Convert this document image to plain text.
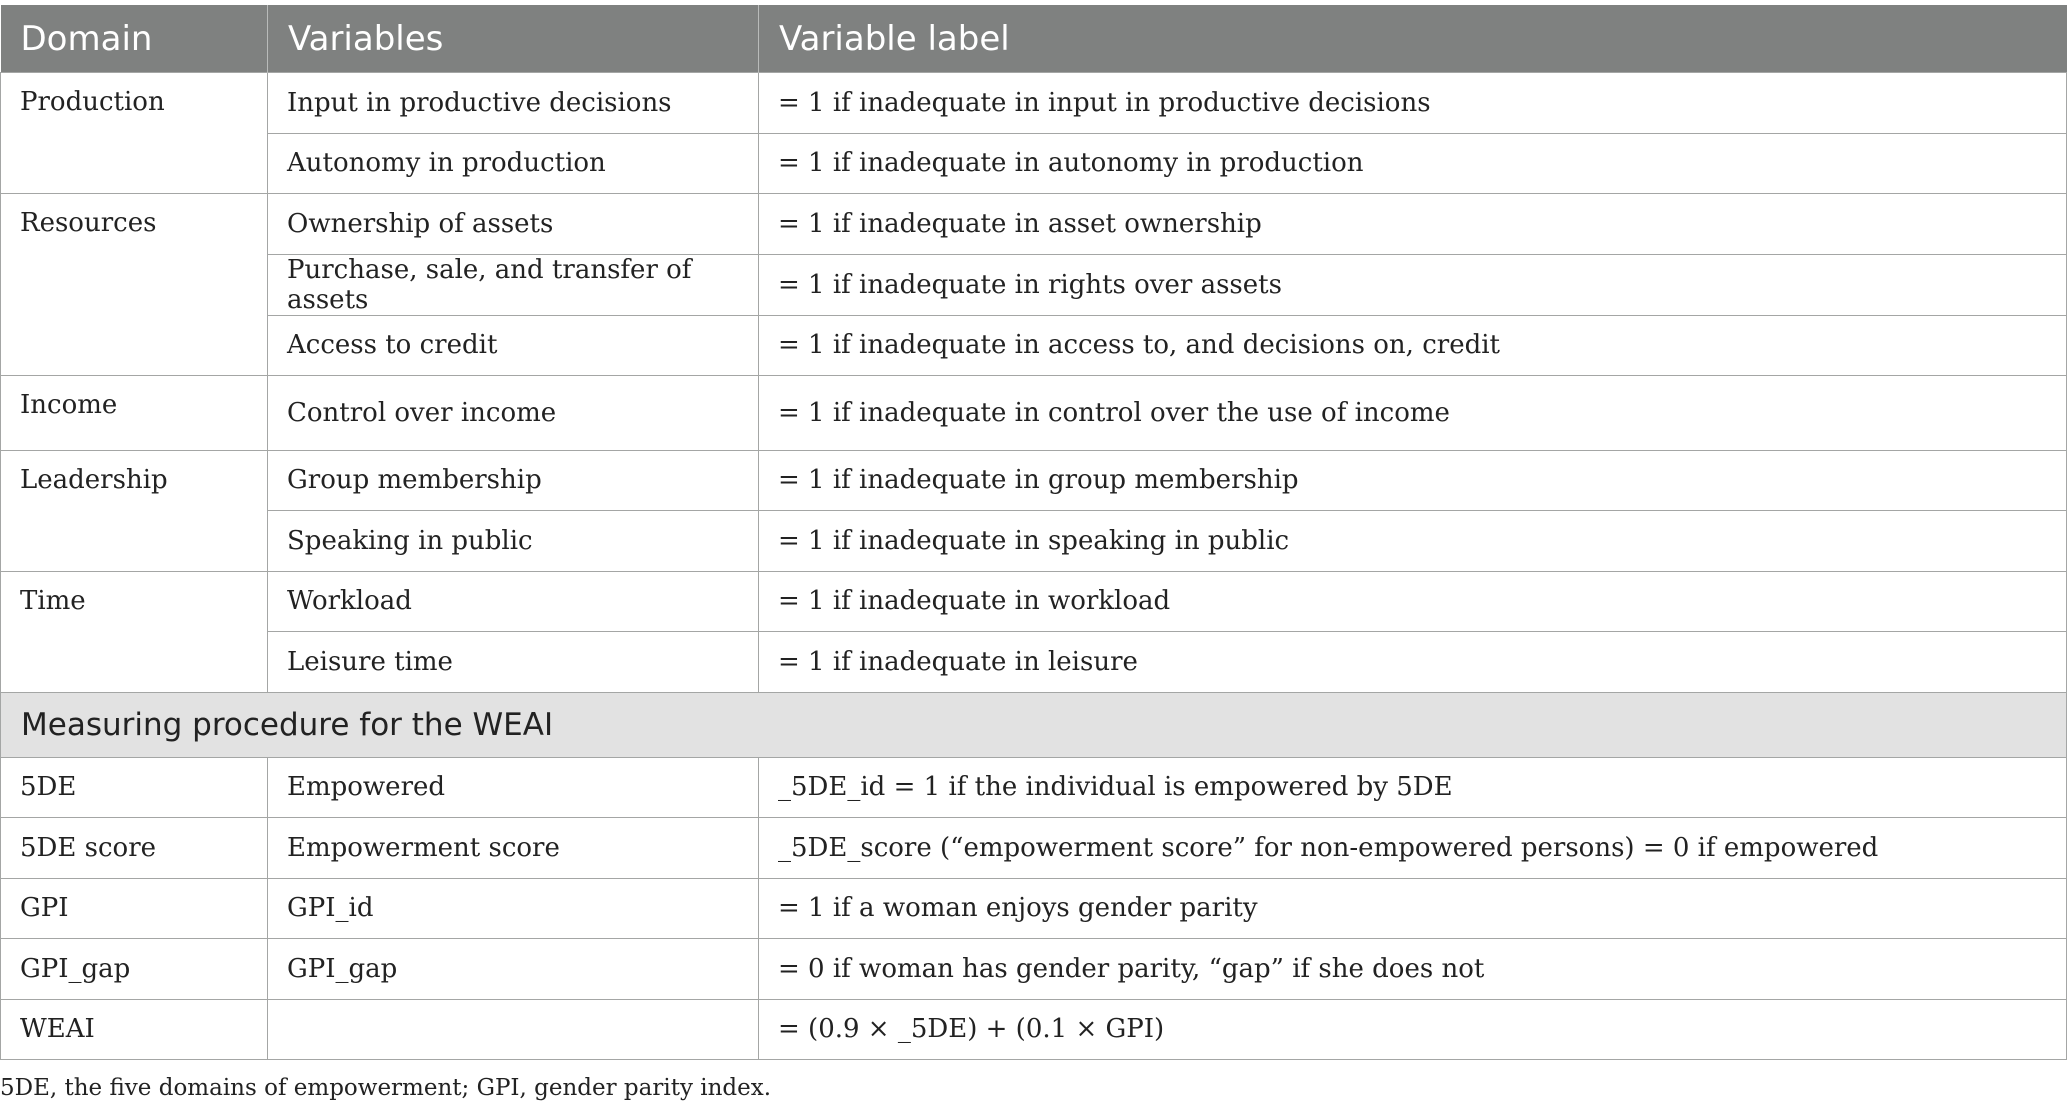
Domain	Variables	Variable label
Production	Input in productive decisions	= 1 if inadequate in input in productive decisions
	Autonomy in production	= 1 if inadequate in autonomy in production
Resources	Ownership of assets	= 1 if inadequate in asset ownership
	Purchase, sale, and transfer of assets	= 1 if inadequate in rights over assets
	Access to credit	= 1 if inadequate in access to, and decisions on, credit
Income	Control over income	= 1 if inadequate in control over the use of income
Leadership	Group membership	= 1 if inadequate in group membership
	Speaking in public	= 1 if inadequate in speaking in public
Time	Workload	= 1 if inadequate in workload
	Leisure time	= 1 if inadequate in leisure
Measuring procedure for the WEAI		
5DE	Empowered	_5DE_id = 1 if the individual is empowered by 5DE
5DE score	Empowerment score	_5DE_score (“empowerment score” for non-empowered persons) = 0 if empowered
GPI	GPI_id	= 1 if a woman enjoys gender parity
GPI_gap	GPI_gap	= 0 if woman has gender parity, “gap” if she does not
WEAI		= (0.9 × _5DE) + (0.1 × GPI)
5DE, the five domains of empowerment; GPI, gender parity index.
